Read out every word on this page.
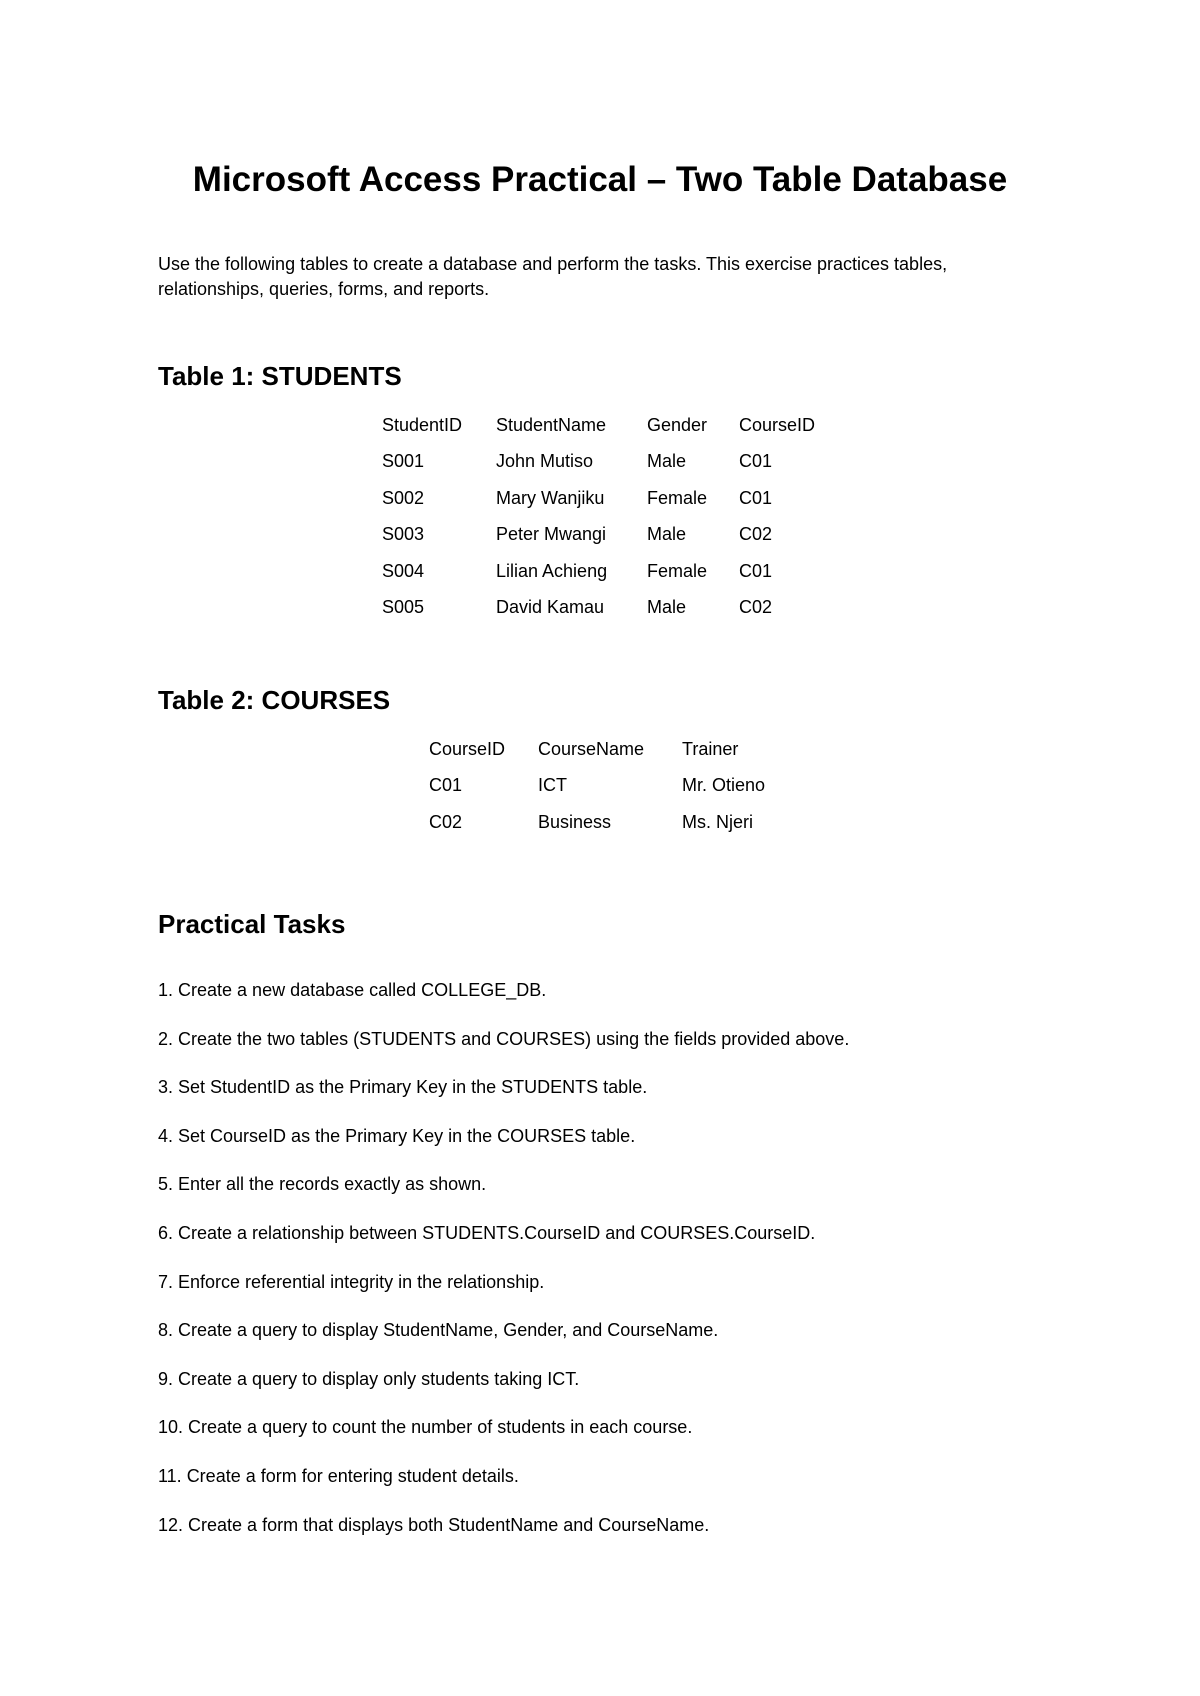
Microsoft Access Practical – Two Table Database

Use the following tables to create a database and perform the tasks. This exercise practices tables, relationships, queries, forms, and reports.

Table 1: STUDENTS
StudentID	StudentName	Gender	CourseID
S001	John Mutiso	Male	C01
S002	Mary Wanjiku	Female	C01
S003	Peter Mwangi	Male	C02
S004	Lilian Achieng	Female	C01
S005	David Kamau	Male	C02
Table 2: COURSES
CourseID	CourseName	Trainer
C01	ICT	Mr. Otieno
C02	Business	Ms. Njeri
Practical Tasks
1. Create a new database called COLLEGE_DB.
2. Create the two tables (STUDENTS and COURSES) using the fields provided above.
3. Set StudentID as the Primary Key in the STUDENTS table.
4. Set CourseID as the Primary Key in the COURSES table.
5. Enter all the records exactly as shown.
6. Create a relationship between STUDENTS.CourseID and COURSES.CourseID.
7. Enforce referential integrity in the relationship.
8. Create a query to display StudentName, Gender, and CourseName.
9. Create a query to display only students taking ICT.
10. Create a query to count the number of students in each course.
11. Create a form for entering student details.
12. Create a form that displays both StudentName and CourseName.
